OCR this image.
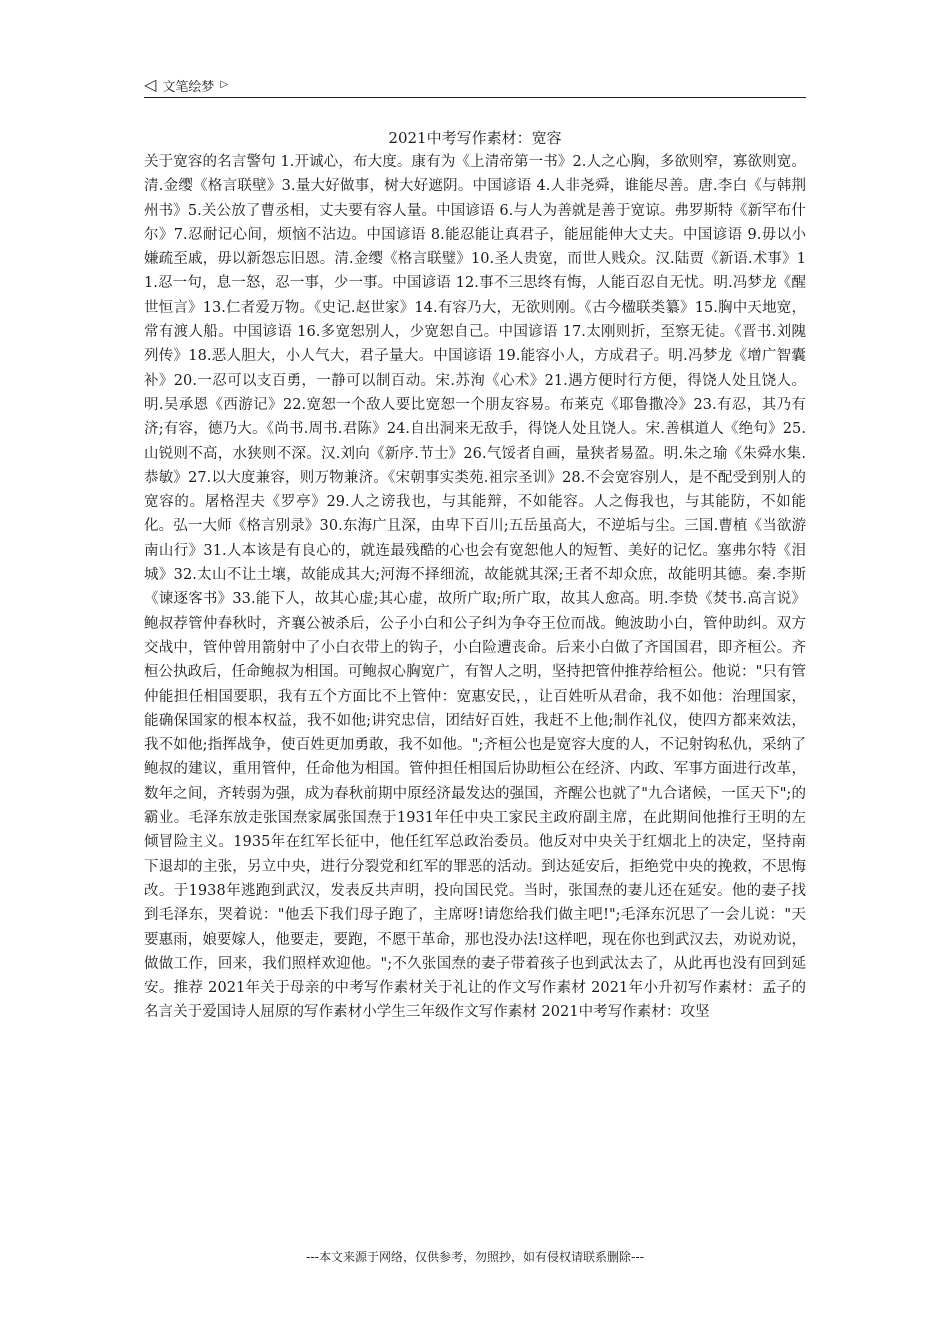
◁ 文笔绘梦 ▷
2021中考写作素材：宽容

关于宽容的名言警句 1.开诚心，布大度。康有为《上清帝第一书》2.人之心胸，多欲则窄，寡欲则宽。清.金缨《格言联壁》3.量大好做事，树大好遮阴。中国谚语 4.人非尧舜，谁能尽善。唐.李白《与韩荆州书》5.关公放了曹丞相，丈夫要有容人量。中国谚语 6.与人为善就是善于宽谅。弗罗斯特《新罕布什尔》7.忍耐记心间，烦恼不沾边。中国谚语 8.能忍能让真君子，能屈能伸大丈夫。中国谚语 9.毋以小嫌疏至戚，毋以新怨忘旧恩。清.金缨《格言联璧》10.圣人贵宽，而世人贱众。汉.陆贾《新语.术事》11.忍一句，息一怒，忍一事，少一事。中国谚语 12.事不三思终有悔，人能百忍自无忧。明.冯梦龙《醒世恒言》13.仁者爱万物。《史记.赵世家》14.有容乃大，无欲则刚。《古今楹联类纂》15.胸中天地宽，常有渡人船。中国谚语 16.多宽恕别人，少宽恕自己。中国谚语 17.太刚则折，至察无徒。《晋书.刘隗列传》18.恶人胆大，小人气大，君子量大。中国谚语 19.能容小人，方成君子。明.冯梦龙《增广智囊补》20.一忍可以支百勇，一静可以制百动。宋.苏洵《心术》21.遇方便时行方便，得饶人处且饶人。明.吴承恩《西游记》22.宽恕一个敌人要比宽恕一个朋友容易。布莱克《耶鲁撒冷》23.有忍，其乃有济;有容，德乃大。《尚书.周书.君陈》24.自出洞来无敌手，得饶人处且饶人。宋.善棋道人《绝句》25.山锐则不高，水狭则不深。汉.刘向《新序.节士》26.气馁者自画，量狭者易盈。明.朱之瑜《朱舜水集.恭敏》27.以大度兼容，则万物兼济。《宋朝事实类苑.祖宗圣训》28.不会宽容别人，是不配受到别人的宽容的。屠格涅夫《罗亭》29.人之谤我也，与其能辩，不如能容。人之侮我也，与其能防，不如能化。弘一大师《格言别录》30.东海广且深，由卑下百川;五岳虽高大，不逆垢与尘。三国.曹植《当欲游南山行》31.人本该是有良心的，就连最残酷的心也会有宽恕他人的短暂、美好的记忆。塞弗尔特《泪城》32.太山不让土壤，故能成其大;河海不择细流，故能就其深;王者不却众庶，故能明其德。秦.李斯《谏逐客书》33.能下人，故其心虚;其心虚，故所广取;所广取，故其人愈高。明.李贽《焚书.高言说》鲍叔荐管仲春秋时，齐襄公被杀后，公子小白和公子纠为争夺王位而战。鲍波助小白，管仲助纠。双方交战中，管仲曾用箭射中了小白衣带上的钩子，小白险遭丧命。后来小白做了齐国国君，即齐桓公。齐桓公执政后，任命鲍叔为相国。可鲍叔心胸宽广，有智人之明，坚持把管仲推荐给桓公。他说："只有管仲能担任相国要职，我有五个方面比不上管仲：宽惠安民，，让百姓听从君命，我不如他：治理国家，能确保国家的根本权益，我不如他;讲究忠信，团结好百姓，我赶不上他;制作礼仪，使四方都来效法，我不如他;指挥战争，使百姓更加勇敢，我不如他。";齐桓公也是宽容大度的人，不记射钩私仇，采纳了鲍叔的建议，重用管仲，任命他为相国。管仲担任相国后协助桓公在经济、内政、军事方面进行改革，数年之间，齐转弱为强，成为春秋前期中原经济最发达的强国，齐醒公也就了"九合诸候，一匡天下";的霸业。毛泽东放走张国焘家属张国焘于1931年任中央工家民主政府副主席，在此期间他推行王明的左倾冒险主义。1935年在红军长征中，他任红军总政治委员。他反对中央关于红烟北上的决定，坚持南下退却的主张，另立中央，进行分裂党和红军的罪恶的活动。到达延安后，拒绝党中央的挽救，不思悔改。于1938年逃跑到武汉，发表反共声明，投向国民党。当时，张国焘的妻儿还在延安。他的妻子找到毛泽东，哭着说："他丢下我们母子跑了，主席呀!请您给我们做主吧!";毛泽东沉思了一会儿说："天要惠雨，娘要嫁人，他要走，要跑，不愿干革命，那也没办法!这样吧，现在你也到武汉去，劝说劝说，做做工作，回来，我们照样欢迎他。";不久张国焘的妻子带着孩子也到武汰去了，从此再也没有回到延安。推荐 2021年关于母亲的中考写作素材关于礼让的作文写作素材 2021年小升初写作素材：孟子的名言关于爱国诗人屈原的写作素材小学生三年级作文写作素材 2021中考写作素材：攻坚

---本文来源于网络，仅供参考，勿照抄，如有侵权请联系删除---
